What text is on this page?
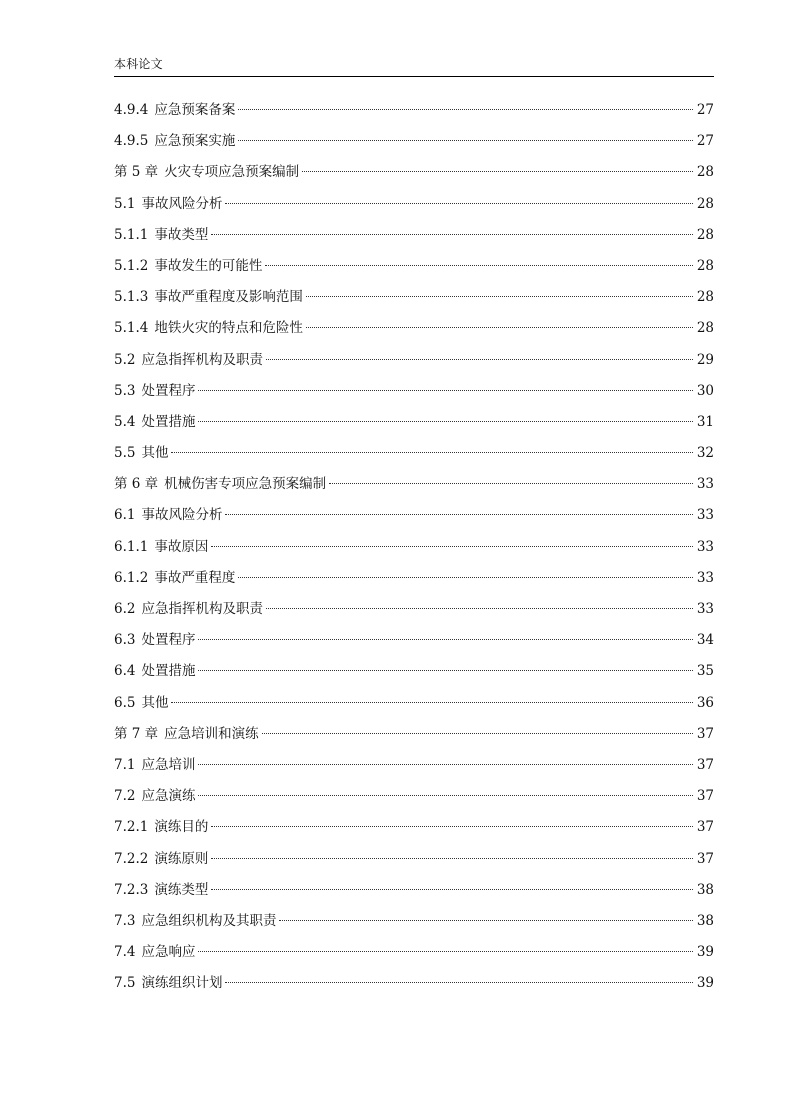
本科论文
4.9.4 应急预案备案	27
4.9.5 应急预案实施	27
第 5 章 火灾专项应急预案编制	28
5.1 事故风险分析	28
5.1.1 事故类型	28
5.1.2 事故发生的可能性	28
5.1.3 事故严重程度及影响范围	28
5.1.4 地铁火灾的特点和危险性	28
5.2 应急指挥机构及职责	29
5.3 处置程序	30
5.4 处置措施	31
5.5 其他	32
第 6 章 机械伤害专项应急预案编制	33
6.1 事故风险分析	33
6.1.1 事故原因	33
6.1.2 事故严重程度	33
6.2 应急指挥机构及职责	33
6.3 处置程序	34
6.4 处置措施	35
6.5 其他	36
第 7 章 应急培训和演练	37
7.1 应急培训	37
7.2 应急演练	37
7.2.1 演练目的	37
7.2.2 演练原则	37
7.2.3 演练类型	38
7.3 应急组织机构及其职责	38
7.4 应急响应	39
7.5 演练组织计划	39
